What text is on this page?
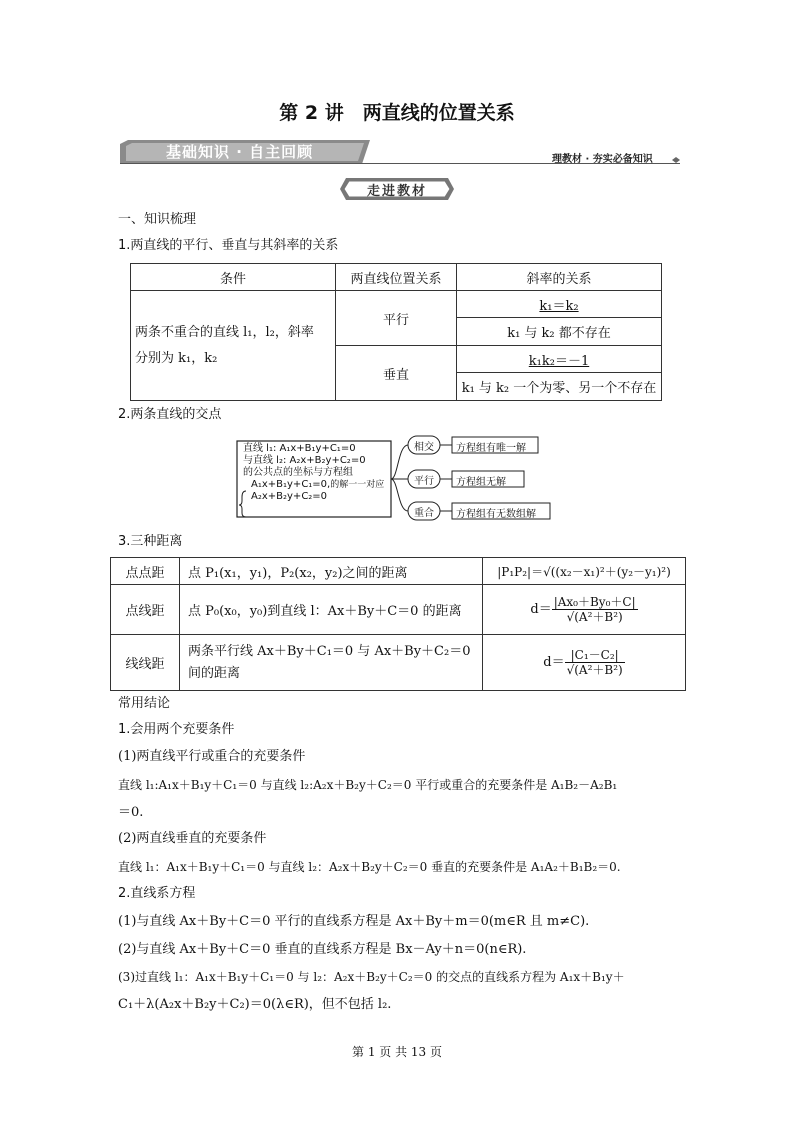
第 2 讲　两直线的位置关系
基础知识 · 自主回顾	理教材 · 夯实必备知识
走进教材
一、知识梳理
1.两直线的平行、垂直与其斜率的关系
条件	两直线位置关系	斜率的关系
两条不重合的直线 l₁，l₂，斜率
分别为 k₁，k₂	平行	k₁＝k₂
		k₁ 与 k₂ 都不存在
	垂直	k₁k₂＝－1
		k₁ 与 k₂ 一个为零、另一个不存在
2.两条直线的交点
直线 l₁: A₁x+B₁y+C₁=0
与直线 l₂: A₂x+B₂y+C₂=0
的公共点的坐标与方程组
A₁x+B₁y+C₁=0,的解一一对应
A₂x+B₂y+C₂=0
相交
平行
重合
方程组有唯一解
方程组无解
方程组有无数组解
3.三种距离
点点距	点 P₁(x₁，y₁)，P₂(x₂，y₂)之间的距离	|P₁P₂|＝√((x₂－x₁)²＋(y₂－y₁)²)
点线距	点 P₀(x₀，y₀)到直线 l：Ax＋By＋C＝0 的距离	$d= \frac{\text{|Ax₀＋By₀＋C|}}{\text{√(A²＋B²)}}$

线线距	两条平行线 Ax＋By＋C₁＝0 与 Ax＋By＋C₂＝0
间的距离	$d= \frac{\text{|C₁－C₂|}}{\text{√(A²＋B²)}}$
常用结论
1.会用两个充要条件
(1)两直线平行或重合的充要条件
直线 l₁:A₁x＋B₁y＋C₁＝0 与直线 l₂:A₂x＋B₂y＋C₂＝0 平行或重合的充要条件是 A₁B₂－A₂B₁
＝0.
(2)两直线垂直的充要条件
直线 l₁：A₁x＋B₁y＋C₁＝0 与直线 l₂：A₂x＋B₂y＋C₂＝0 垂直的充要条件是 A₁A₂＋B₁B₂＝0.
2.直线系方程
(1)与直线 Ax＋By＋C＝0 平行的直线系方程是 Ax＋By＋m＝0(m∈R 且 m≠C).
(2)与直线 Ax＋By＋C＝0 垂直的直线系方程是 Bx－Ay＋n＝0(n∈R).
(3)过直线 l₁：A₁x＋B₁y＋C₁＝0 与 l₂：A₂x＋B₂y＋C₂＝0 的交点的直线系方程为 A₁x＋B₁y＋
C₁＋λ(A₂x＋B₂y＋C₂)＝0(λ∈R)，但不包括 l₂.
第 1 页 共 13 页
